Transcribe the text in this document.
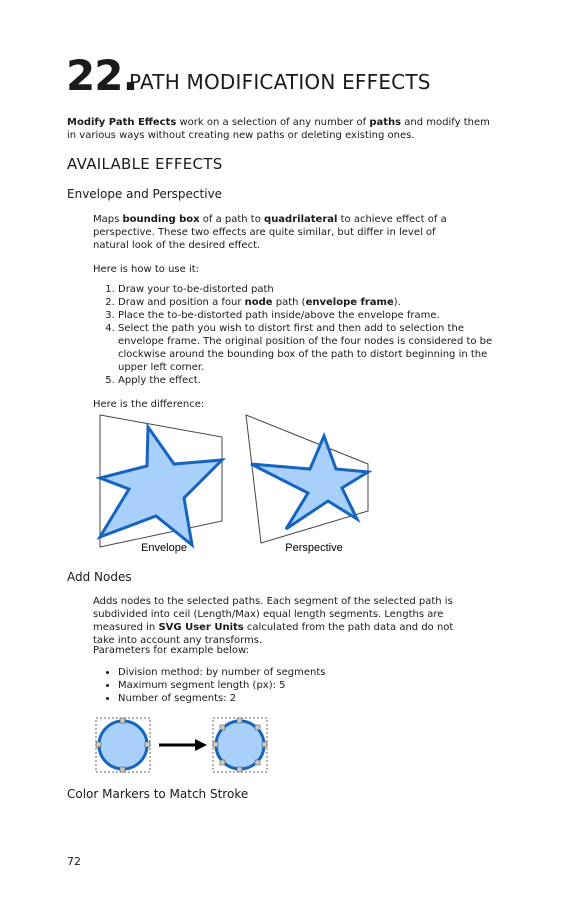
22.
PATH MODIFICATION EFFECTS
Modify Path Effects work on a selection of any number of paths and modify them in various ways without creating new paths or deleting existing ones.
AVAILABLE EFFECTS
Envelope and Perspective
Maps bounding box of a path to quadrilateral to achieve effect of a perspective. These two effects are quite similar, but differ in level of natural look of the desired effect.
Here is how to use it:
1. Draw your to-be-distorted path
2. Draw and position a four node path (envelope frame).
3. Place the to-be-distorted path inside/above the envelope frame.
4. Select the path you wish to distort first and then add to selection the envelope frame. The original position of the four nodes is considered to be clockwise around the bounding box of the path to distort beginning in the upper left corner.
5. Apply the effect.
Here is the difference:
Envelope	Perspective
Add Nodes
Adds nodes to the selected paths. Each segment of the selected path is subdivided into ceil (Length/Max) equal length segments. Lengths are measured in SVG User Units calculated from the path data and do not take into account any transforms.
Parameters for example below:
• Division method: by number of segments
• Maximum segment length (px): 5
• Number of segments: 2
Color Markers to Match Stroke
72
